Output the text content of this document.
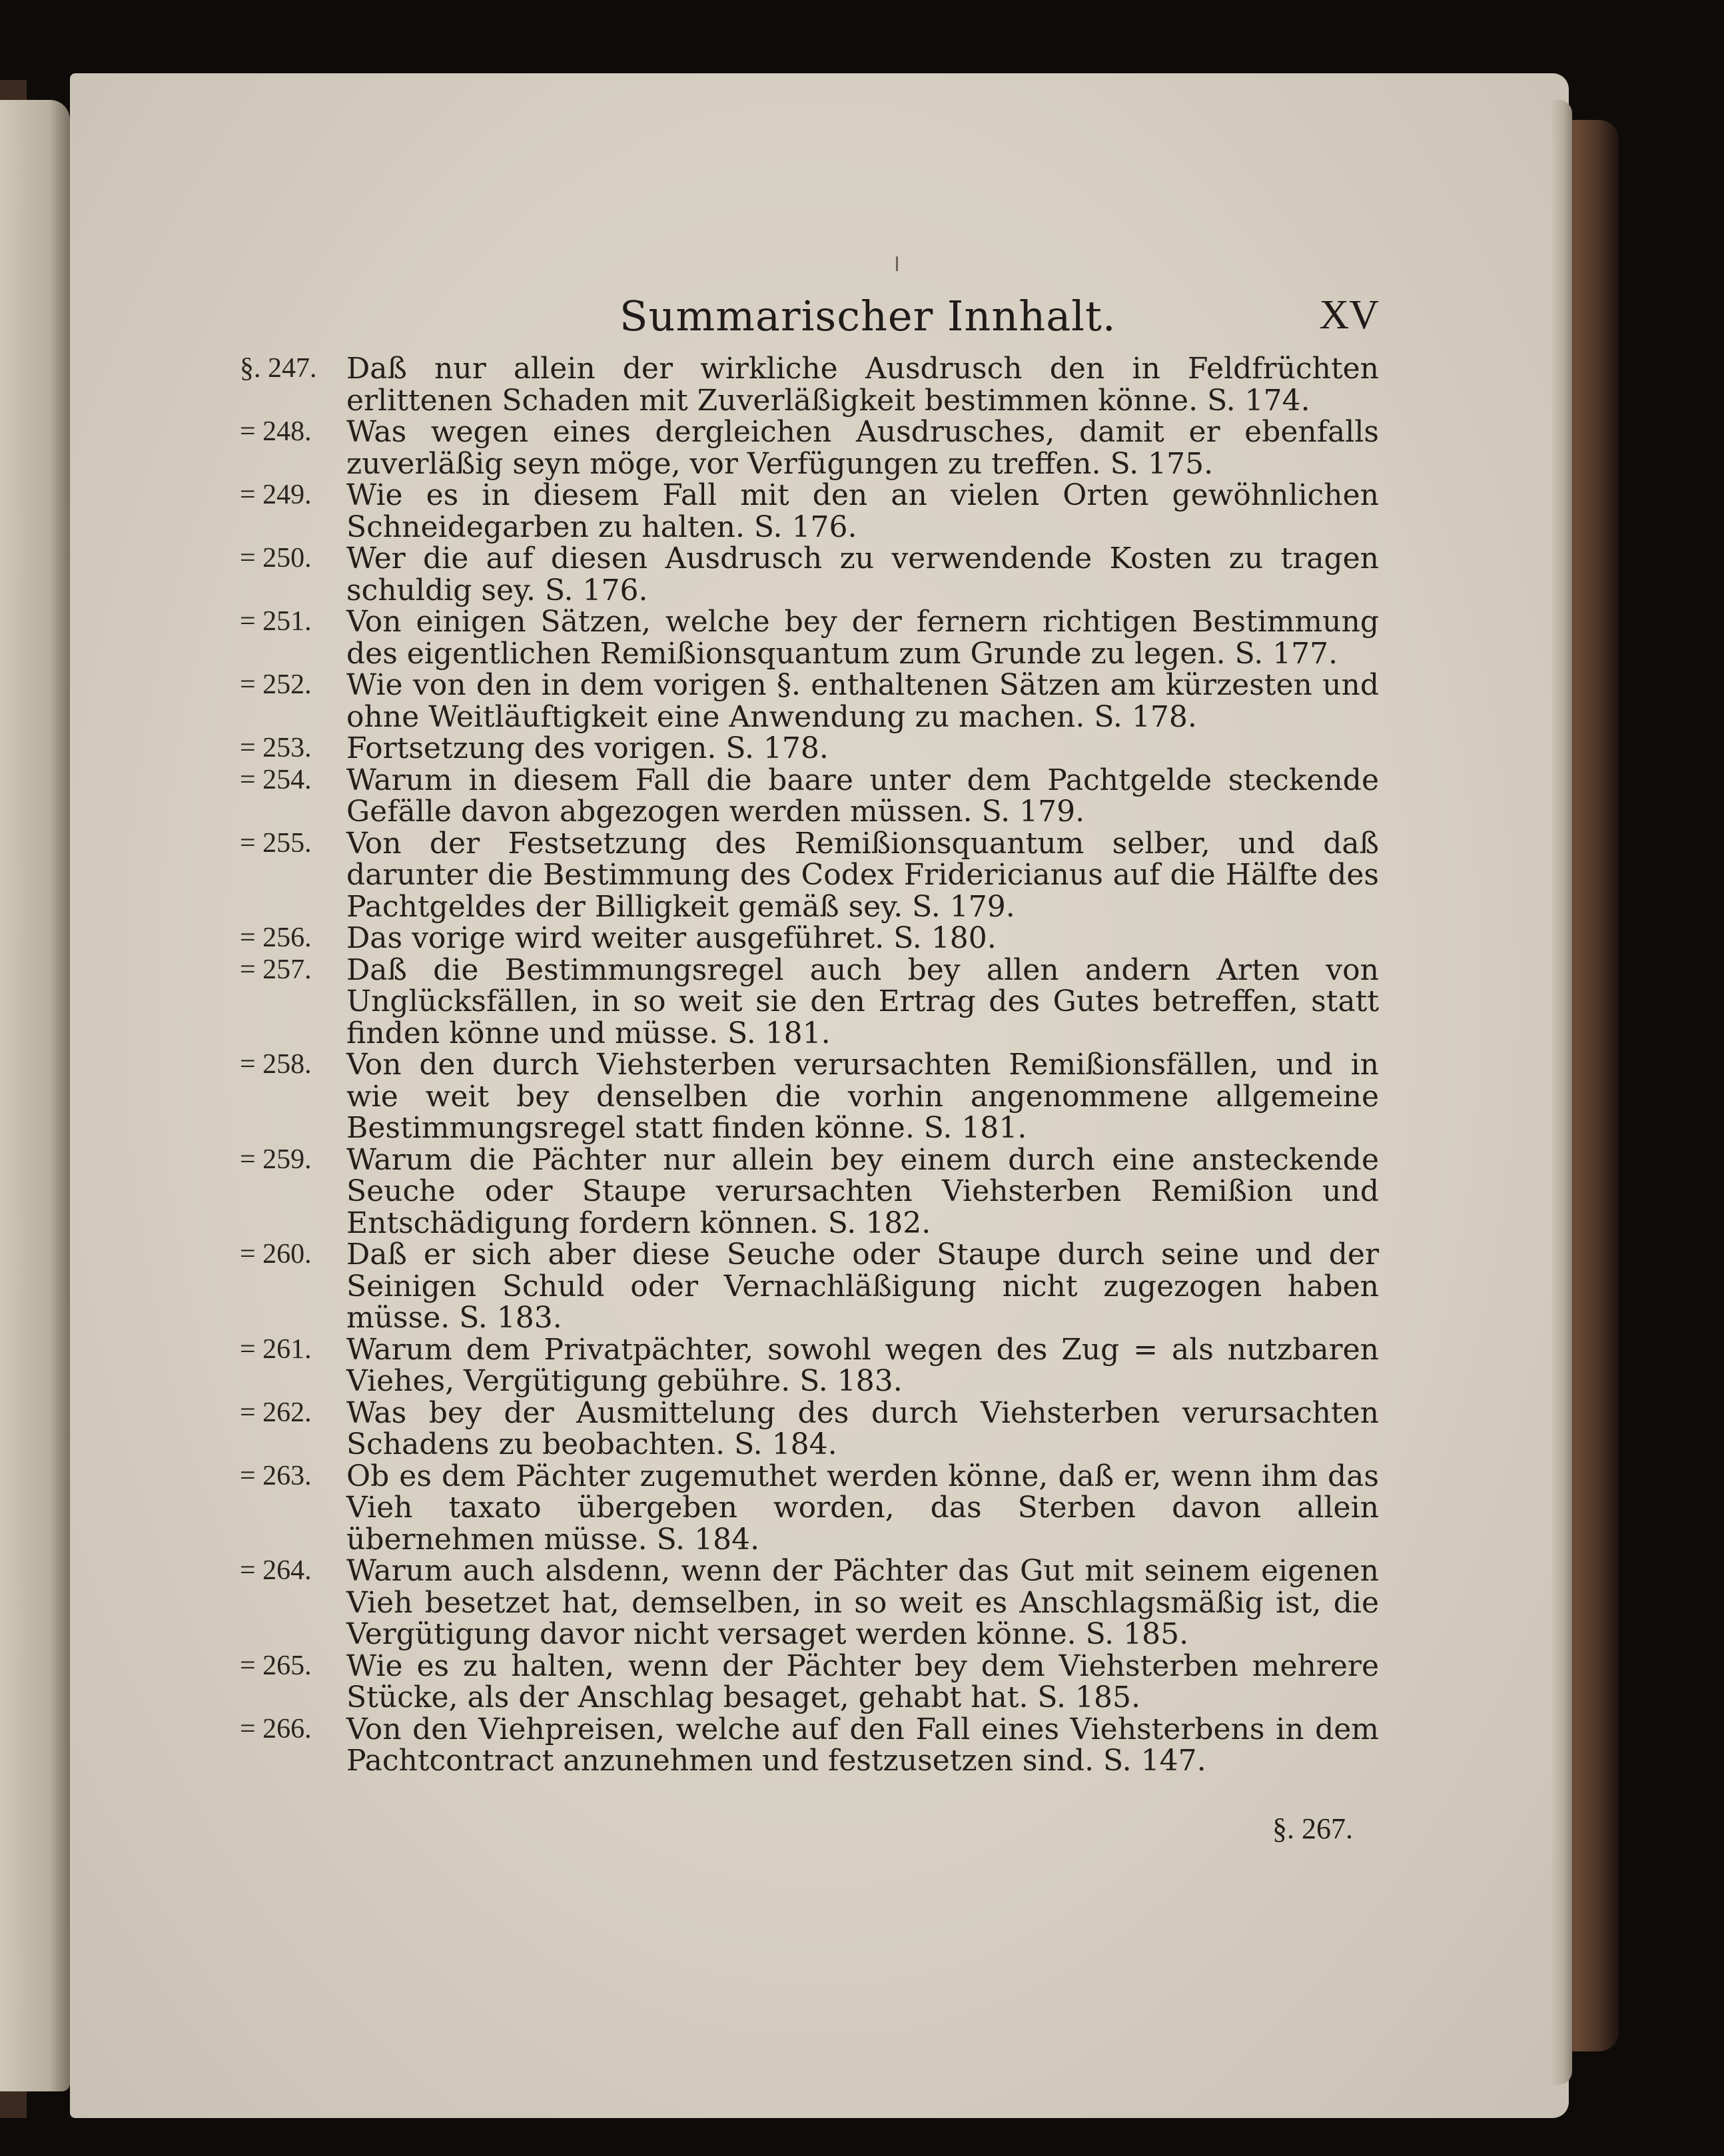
Summarischer Innhalt.	XV
§. 247.	Daß nur allein der wirkliche Ausdrusch den in Feldfrüchten erlittenen Schaden mit Zuverläßigkeit bestimmen könne. S. 174.
= 248.	Was wegen eines dergleichen Ausdrusches, damit er ebenfalls zuverläßig seyn möge, vor Verfügungen zu treffen. S. 175.
= 249.	Wie es in diesem Fall mit den an vielen Orten gewöhnlichen Schneidegarben zu halten. S. 176.
= 250.	Wer die auf diesen Ausdrusch zu verwendende Kosten zu tragen schuldig sey. S. 176.
= 251.	Von einigen Sätzen, welche bey der fernern richtigen Bestimmung des eigentlichen Remißionsquantum zum Grunde zu legen. S. 177.
= 252.	Wie von den in dem vorigen §. enthaltenen Sätzen am kürzesten und ohne Weitläuftigkeit eine Anwendung zu machen. S. 178.
= 253.	Fortsetzung des vorigen. S. 178.
= 254.	Warum in diesem Fall die baare unter dem Pachtgelde steckende Gefälle davon abgezogen werden müssen. S. 179.
= 255.	Von der Festsetzung des Remißionsquantum selber, und daß darunter die Bestimmung des Codex Fridericianus auf die Hälfte des Pachtgeldes der Billigkeit gemäß sey. S. 179.
= 256.	Das vorige wird weiter ausgeführet. S. 180.
= 257.	Daß die Bestimmungsregel auch bey allen andern Arten von Unglücksfällen, in so weit sie den Ertrag des Gutes betreffen, statt finden könne und müsse. S. 181.
= 258.	Von den durch Viehsterben verursachten Remißionsfällen, und in wie weit bey denselben die vorhin angenommene allgemeine Bestimmungsregel statt finden könne. S. 181.
= 259.	Warum die Pächter nur allein bey einem durch eine ansteckende Seuche oder Staupe verursachten Viehsterben Remißion und Entschädigung fordern können. S. 182.
= 260.	Daß er sich aber diese Seuche oder Staupe durch seine und der Seinigen Schuld oder Vernachläßigung nicht zugezogen haben müsse. S. 183.
= 261.	Warum dem Privatpächter, sowohl wegen des Zug = als nutzbaren Viehes, Vergütigung gebühre. S. 183.
= 262.	Was bey der Ausmittelung des durch Viehsterben verursachten Schadens zu beobachten. S. 184.
= 263.	Ob es dem Pächter zugemuthet werden könne, daß er, wenn ihm das Vieh taxato übergeben worden, das Sterben davon allein übernehmen müsse. S. 184.
= 264.	Warum auch alsdenn, wenn der Pächter das Gut mit seinem eigenen Vieh besetzet hat, demselben, in so weit es Anschlagsmäßig ist, die Vergütigung davor nicht versaget werden könne. S. 185.
= 265.	Wie es zu halten, wenn der Pächter bey dem Viehsterben mehrere Stücke, als der Anschlag besaget, gehabt hat. S. 185.
= 266.	Von den Viehpreisen, welche auf den Fall eines Viehsterbens in dem Pachtcontract anzunehmen und festzusetzen sind. S. 147.
§. 267.
